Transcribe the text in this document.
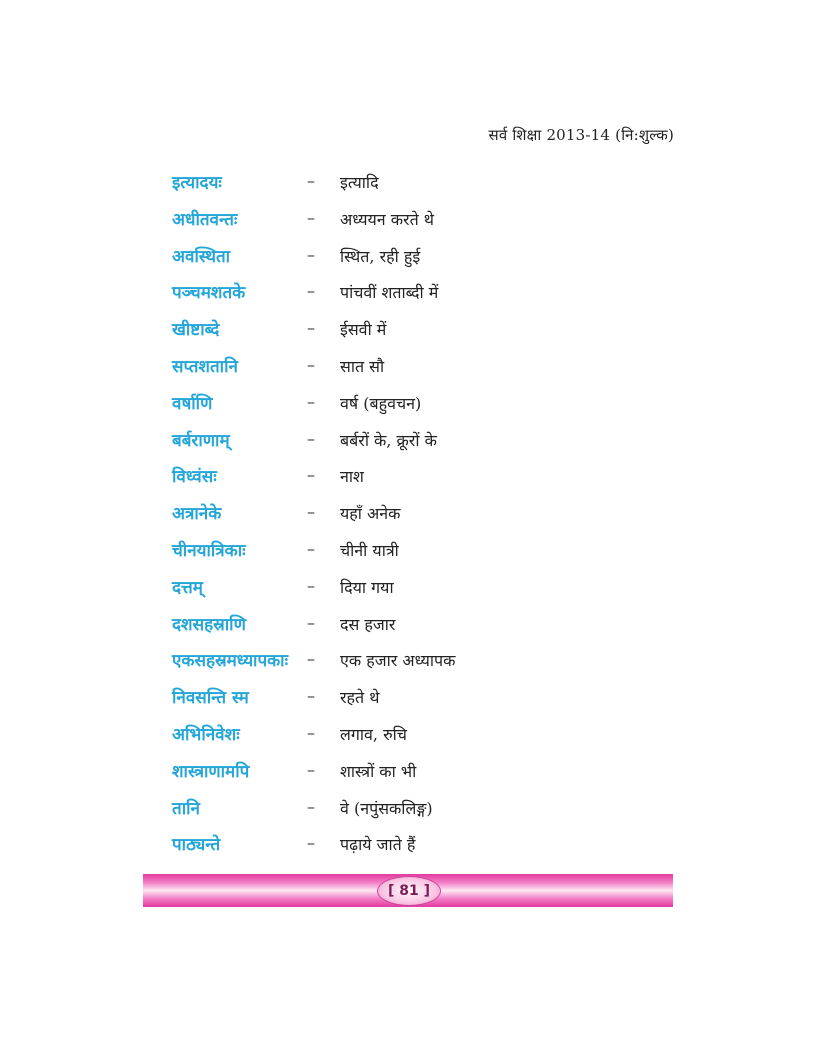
सर्व शिक्षा 2013-14 (नि:शुल्क)
इत्यादयः	– इत्यादि
अधीतवन्तः	– अध्ययन करते थे
अवस्थिता	– स्थित, रही हुई
पञ्चमशतके	– पांचवीं शताब्दी में
खीष्टाब्दे	– ईसवी में
सप्तशतानि	– सात सौ
वर्षाणि	– वर्ष (बहुवचन)
बर्बराणाम्	– बर्बरों के, क्रूरों के
विध्वंसः	– नाश
अत्रानेके	– यहाँ अनेक
चीनयात्रिकाः	– चीनी यात्री
दत्तम्	– दिया गया
दशसहस्राणि	– दस हजार
एकसहस्रमध्यापकाः – एक हजार अध्यापक
निवसन्ति स्म	– रहते थे
अभिनिवेशः	– लगाव, रुचि
शास्त्राणामपि	– शास्त्रों का भी
तानि	– वे (नपुंसकलिङ्ग)
पाठ्यन्ते	– पढ़ाये जाते हैं
[ 81 ]
